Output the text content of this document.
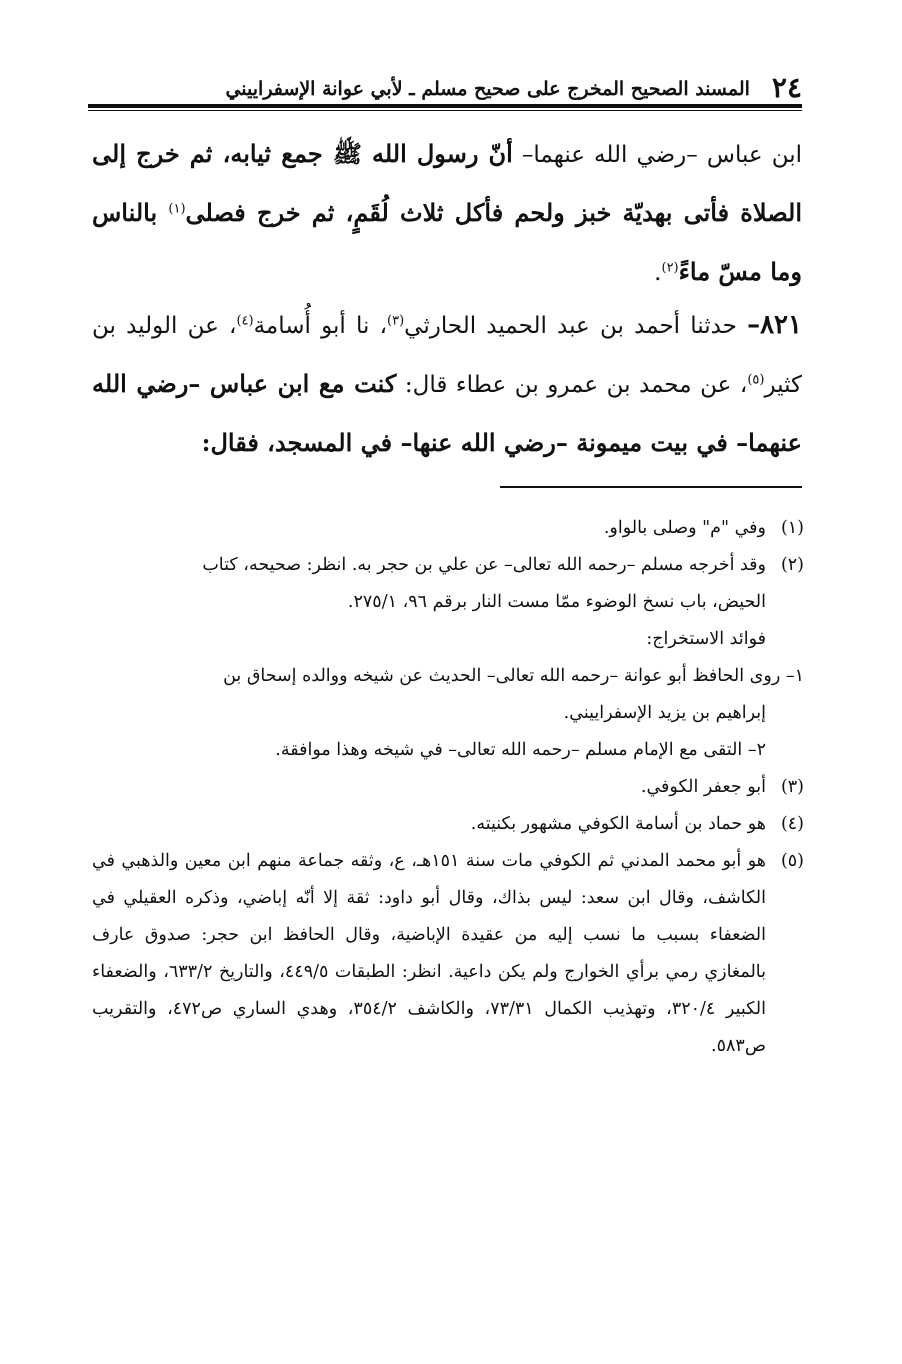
٢٤
المسند الصحيح المخرج على صحيح مسلم ـ لأبي عوانة الإسفراييني
ابن عباس –رضي الله عنهما– أنّ رسول الله ﷺ جمع ثيابه، ثم خرج إلى الصلاة فأتى بهديّة خبز ولحم فأكل ثلاث لُقَمٍ، ثم خرج فصلى$^{(١)}$ بالناس وما مسّ ماءً$^{(٢)}$.
٨٢١– حدثنا أحمد بن عبد الحميد الحارثي$^{(٣)}$، نا أبو أُسامة$^{(٤)}$، عن الوليد بن كثير$^{(٥)}$، عن محمد بن عمرو بن عطاء قال: كنت مع ابن عباس –رضي الله عنهما– في بيت ميمونة –رضي الله عنها– في المسجد، فقال:
(١)
وفي "م" وصلى بالواو.
(٢)
وقد أخرجه مسلم –رحمه الله تعالى– عن علي بن حجر به. انظر: صحيحه، كتاب
الحيض، باب نسخ الوضوء ممّا مست النار برقم ٩٦، ٢٧٥/١.
فوائد الاستخراج:
١– روى الحافظ أبو عوانة –رحمه الله تعالى– الحديث عن شيخه ووالده إسحاق بن
إبراهيم بن يزيد الإسفراييني.
٢– التقى مع الإمام مسلم –رحمه الله تعالى– في شيخه وهذا موافقة.
(٣)
أبو جعفر الكوفي.
(٤)
هو حماد بن أسامة الكوفي مشهور بكنيته.
(٥)
هو أبو محمد المدني ثم الكوفي مات سنة ١٥١هـ، ع، وثقه جماعة منهم ابن معين والذهبي في الكاشف، وقال ابن سعد: ليس بذاك، وقال أبو داود: ثقة إلا أنّه إباضي، وذكره العقيلي في الضعفاء بسبب ما نسب إليه من عقيدة الإباضية، وقال الحافظ ابن حجر: صدوق عارف بالمغازي رمي برأي الخوارج ولم يكن داعية. انظر: الطبقات ٤٤٩/٥، والتاريخ ٦٣٣/٢، والضعفاء الكبير ٣٢٠/٤، وتهذيب الكمال ٧٣/٣١، والكاشف ٣٥٤/٢، وهدي الساري ص٤٧٢، والتقريب ص٥٨٣.
